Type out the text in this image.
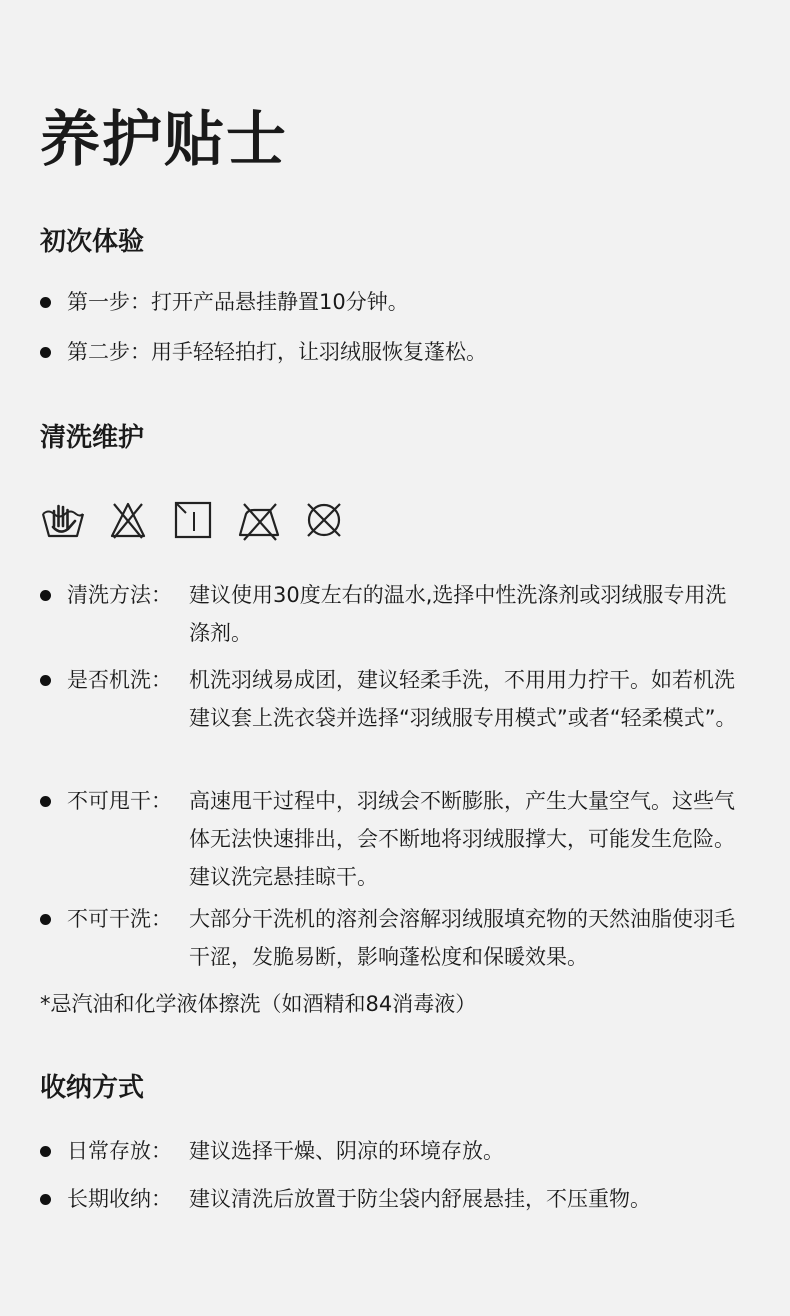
养护贴士
初次体验
第一步：打开产品悬挂静置10分钟。
第二步：用手轻轻拍打，让羽绒服恢复蓬松。
清洗维护
清洗方法： 建议使用30度左右的温水,选择中性洗涤剂或羽绒服专用洗涤剂。
是否机洗： 机洗羽绒易成团，建议轻柔手洗，不用用力拧干。如若机洗建议套上洗衣袋并选择“羽绒服专用模式”或者“轻柔模式”。
不可甩干： 高速甩干过程中，羽绒会不断膨胀，产生大量空气。这些气体无法快速排出，会不断地将羽绒服撑大，可能发生危险。建议洗完悬挂晾干。
不可干洗： 大部分干洗机的溶剂会溶解羽绒服填充物的天然油脂使羽毛干涩，发脆易断，影响蓬松度和保暖效果。
*忌汽油和化学液体擦洗（如酒精和84消毒液）
收纳方式
日常存放： 建议选择干燥、阴凉的环境存放。
长期收纳： 建议清洗后放置于防尘袋内舒展悬挂，不压重物。
